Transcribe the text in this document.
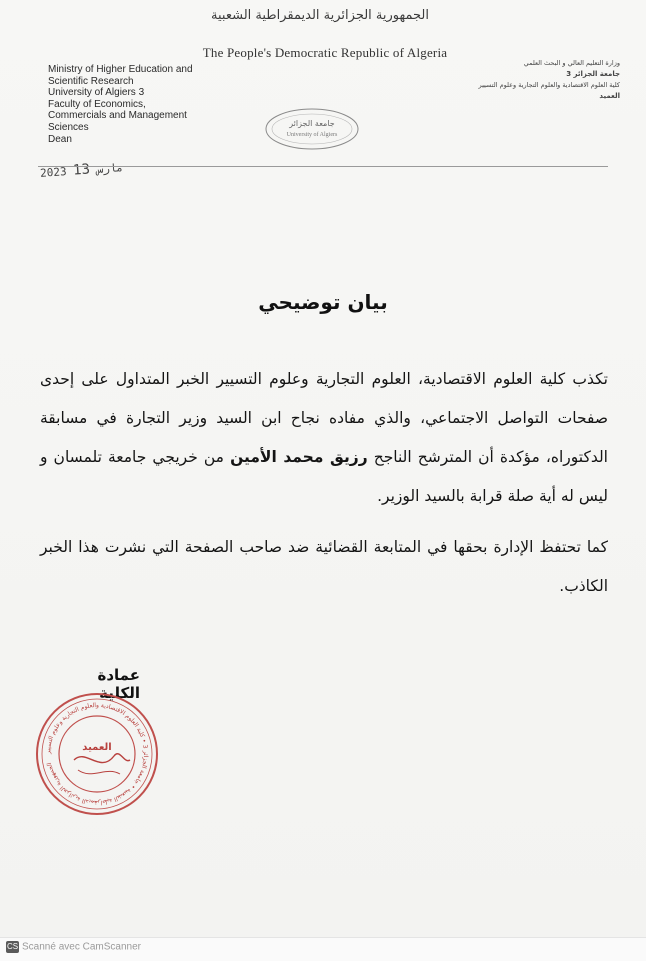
الجمهورية الجزائرية الديمقراطية الشعبية
The People's Democratic Republic of Algeria
Ministry of Higher Education and
Scientific Research
University of Algiers 3
Faculty of Economics,
Commercials and Management
Sciences
Dean
وزارة التعليم العالي و البحث العلمي
جامعة الجزائر 3
كلية العلوم الاقتصادية والعلوم التجارية وعلوم التسيير
العميد
جامعة الجزائر
University of Algiers
2023	مارس 13
بيان توضيحي
تكذب كلية العلوم الاقتصادية، العلوم التجارية وعلوم التسيير الخبر المتداول على إحدى صفحات التواصل الاجتماعي، والذي مفاده نجاح ابن السيد وزير التجارة في مسابقة الدكتوراه، مؤكدة أن المترشح الناجح رزيق محمد الأمين من خريجي جامعة تلمسان و ليس له أية صلة قرابة بالسيد الوزير.
كما تحتفظ الإدارة بحقها في المتابعة القضائية ضد صاحب الصفحة التي نشرت هذا الخبر الكاذب.
عمادة الكلية
الجمهورية الجزائرية الديمقراطية الشعبية • جامعة الجزائر 3 • كلية العلوم الاقتصادية والعلوم التجارية وعلوم التسيير
العميد
CS Scanné avec CamScanner
